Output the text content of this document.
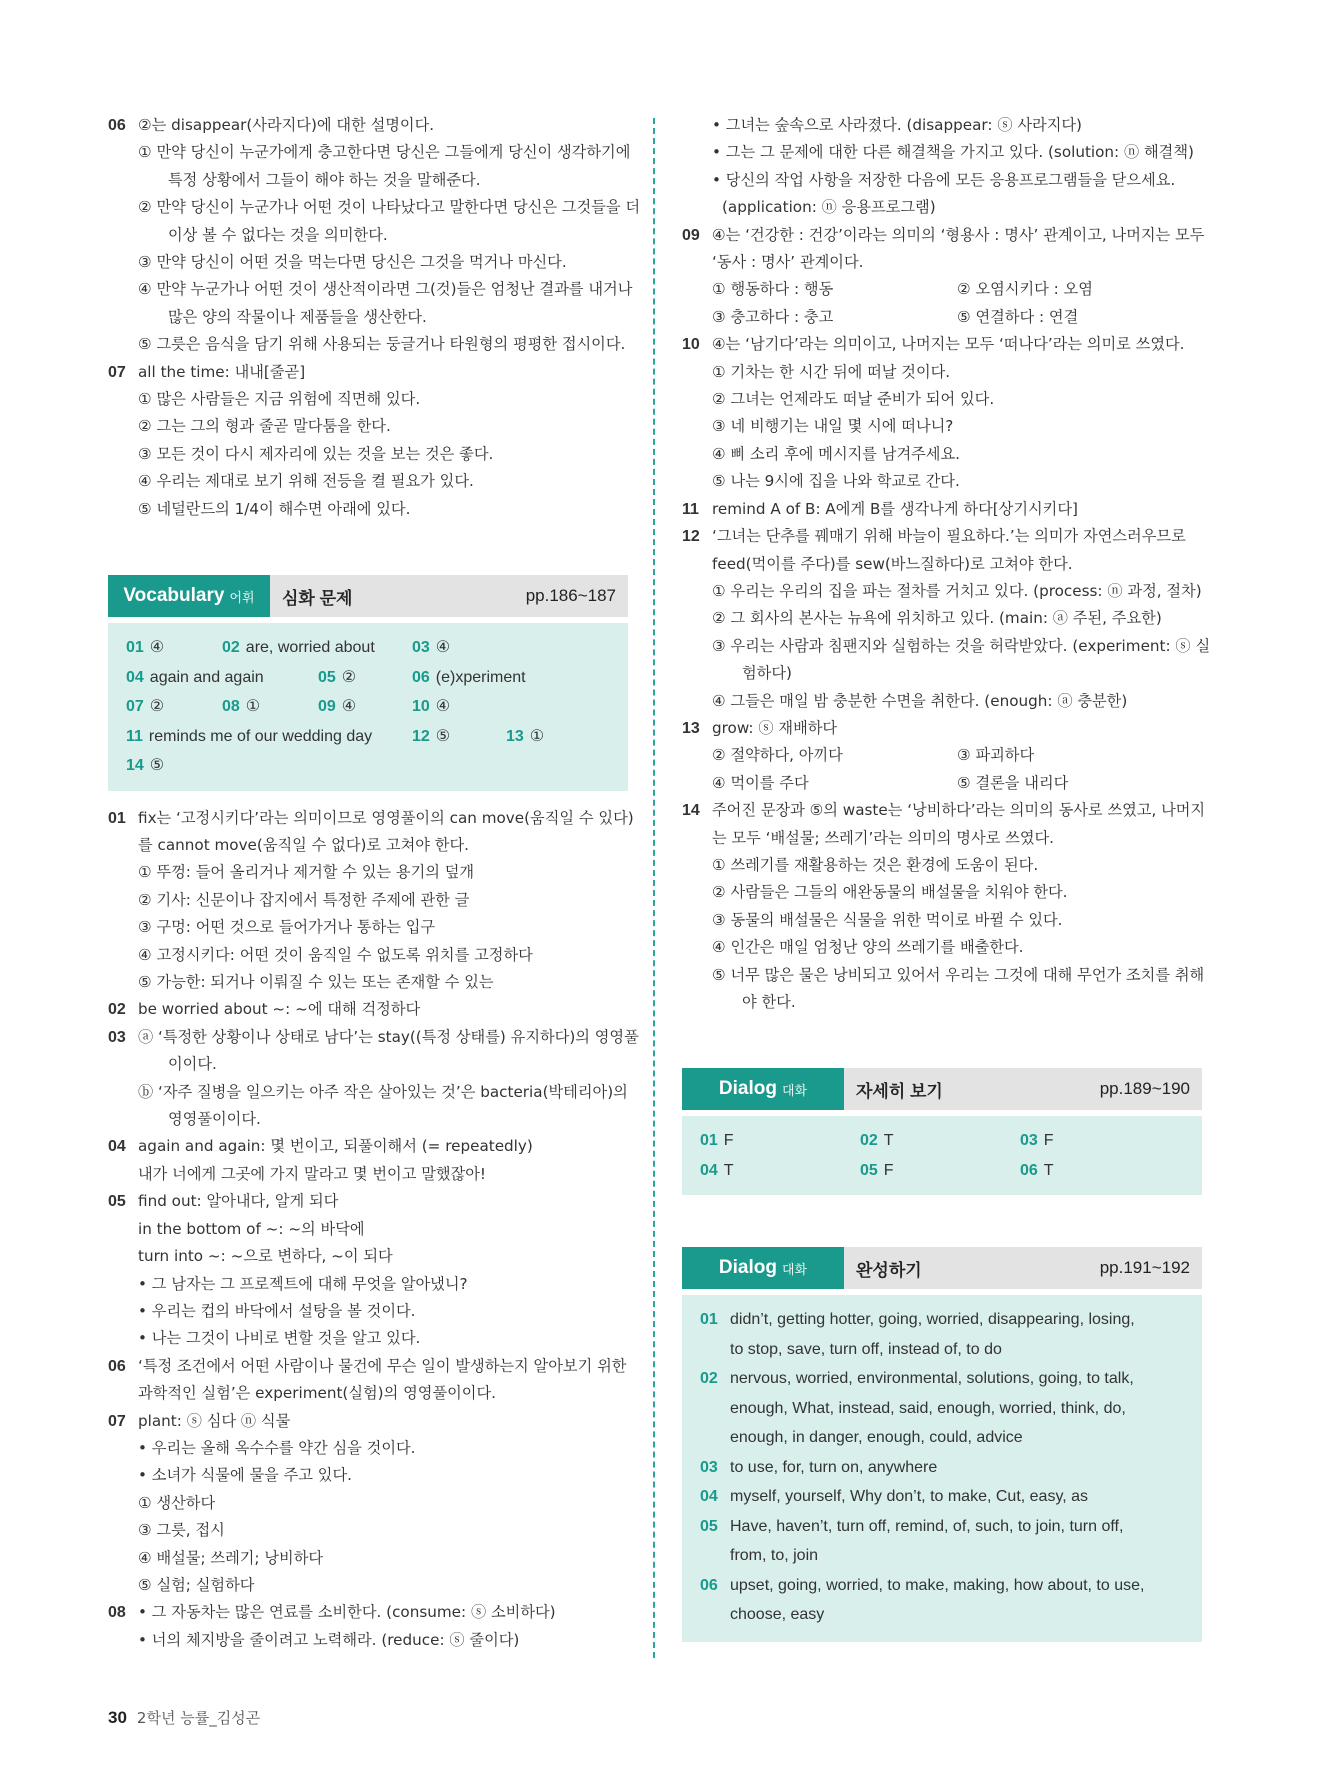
06 ②는 disappear(사라지다)에 대한 설명이다.
① 만약 당신이 누군가에게 충고한다면 당신은 그들에게 당신이 생각하기에
특정 상황에서 그들이 해야 하는 것을 말해준다.
② 만약 당신이 누군가나 어떤 것이 나타났다고 말한다면 당신은 그것들을 더
이상 볼 수 없다는 것을 의미한다.
③ 만약 당신이 어떤 것을 먹는다면 당신은 그것을 먹거나 마신다.
④ 만약 누군가나 어떤 것이 생산적이라면 그(것)들은 엄청난 결과를 내거나
많은 양의 작물이나 제품들을 생산한다.
⑤ 그릇은 음식을 담기 위해 사용되는 둥글거나 타원형의 평평한 접시이다.
07 all the time: 내내[줄곧]
① 많은 사람들은 지금 위험에 직면해 있다.
② 그는 그의 형과 줄곧 말다툼을 한다.
③ 모든 것이 다시 제자리에 있는 것을 보는 것은 좋다.
④ 우리는 제대로 보기 위해 전등을 켤 필요가 있다.
⑤ 네덜란드의 1/4이 해수면 아래에 있다.
Vocabulary 어휘 심화 문제	pp.186~187
01 ④	02 are, worried about	03 ④
04 again and again	05 ②	06 (e)xperiment
07 ②	08 ①	09 ④	10 ④
11 reminds me of our wedding day	12 ⑤	13 ①
14 ⑤
01 fix는 ‘고정시키다’라는 의미이므로 영영풀이의 can move(움직일 수 있다)
를 cannot move(움직일 수 없다)로 고쳐야 한다.
① 뚜껑: 들어 올리거나 제거할 수 있는 용기의 덮개
② 기사: 신문이나 잡지에서 특정한 주제에 관한 글
③ 구멍: 어떤 것으로 들어가거나 통하는 입구
④ 고정시키다: 어떤 것이 움직일 수 없도록 위치를 고정하다
⑤ 가능한: 되거나 이뤄질 수 있는 또는 존재할 수 있는
02 be worried about ~: ~에 대해 걱정하다
03 ⓐ ‘특정한 상황이나 상태로 남다’는 stay((특정 상태를) 유지하다)의 영영풀
이이다.
ⓑ ‘자주 질병을 일으키는 아주 작은 살아있는 것’은 bacteria(박테리아)의
영영풀이이다.
04 again and again: 몇 번이고, 되풀이해서 (= repeatedly)
내가 너에게 그곳에 가지 말라고 몇 번이고 말했잖아!
05 find out: 알아내다, 알게 되다
in the bottom of ~: ~의 바닥에
turn into ~: ~으로 변하다, ~이 되다
• 그 남자는 그 프로젝트에 대해 무엇을 알아냈니?
• 우리는 컵의 바닥에서 설탕을 볼 것이다.
• 나는 그것이 나비로 변할 것을 알고 있다.
06 ‘특정 조건에서 어떤 사람이나 물건에 무슨 일이 발생하는지 알아보기 위한
과학적인 실험’은 experiment(실험)의 영영풀이이다.
07 plant: ⓢ 심다 ⓝ 식물
• 우리는 올해 옥수수를 약간 심을 것이다.
• 소녀가 식물에 물을 주고 있다.
① 생산하다
③ 그릇, 접시
④ 배설물; 쓰레기; 낭비하다
⑤ 실험; 실험하다
08 • 그 자동차는 많은 연료를 소비한다. (consume: ⓢ 소비하다)
• 너의 체지방을 줄이려고 노력해라. (reduce: ⓢ 줄이다)
• 그녀는 숲속으로 사라졌다. (disappear: ⓢ 사라지다)
• 그는 그 문제에 대한 다른 해결책을 가지고 있다. (solution: ⓝ 해결책)
• 당신의 작업 사항을 저장한 다음에 모든 응용프로그램들을 닫으세요.
(application: ⓝ 응용프로그램)
09 ④는 ‘건강한 : 건강’이라는 의미의 ‘형용사 : 명사’ 관계이고, 나머지는 모두
‘동사 : 명사’ 관계이다.
① 행동하다 : 행동	② 오염시키다 : 오염
③ 충고하다 : 충고	⑤ 연결하다 : 연결
10 ④는 ‘남기다’라는 의미이고, 나머지는 모두 ‘떠나다’라는 의미로 쓰였다.
① 기차는 한 시간 뒤에 떠날 것이다.
② 그녀는 언제라도 떠날 준비가 되어 있다.
③ 네 비행기는 내일 몇 시에 떠나니?
④ 삐 소리 후에 메시지를 남겨주세요.
⑤ 나는 9시에 집을 나와 학교로 간다.
11 remind A of B: A에게 B를 생각나게 하다[상기시키다]
12 ‘그녀는 단추를 꿰매기 위해 바늘이 필요하다.’는 의미가 자연스러우므로
feed(먹이를 주다)를 sew(바느질하다)로 고쳐야 한다.
① 우리는 우리의 집을 파는 절차를 거치고 있다. (process: ⓝ 과정, 절차)
② 그 회사의 본사는 뉴욕에 위치하고 있다. (main: ⓐ 주된, 주요한)
③ 우리는 사람과 침팬지와 실험하는 것을 허락받았다. (experiment: ⓢ 실
험하다)
④ 그들은 매일 밤 충분한 수면을 취한다. (enough: ⓐ 충분한)
13 grow: ⓢ 재배하다
② 절약하다, 아끼다	③ 파괴하다
④ 먹이를 주다	⑤ 결론을 내리다
14 주어진 문장과 ⑤의 waste는 ‘낭비하다’라는 의미의 동사로 쓰였고, 나머지
는 모두 ‘배설물; 쓰레기’라는 의미의 명사로 쓰였다.
① 쓰레기를 재활용하는 것은 환경에 도움이 된다.
② 사람들은 그들의 애완동물의 배설물을 치워야 한다.
③ 동물의 배설물은 식물을 위한 먹이로 바뀔 수 있다.
④ 인간은 매일 엄청난 양의 쓰레기를 배출한다.
⑤ 너무 많은 물은 낭비되고 있어서 우리는 그것에 대해 무언가 조치를 취해
야 한다.
Dialog 대화	자세히 보기	pp.189~190
01 F	02 T	03 F
04 T	05 F	06 T
Dialog 대화	완성하기	pp.191~192
01 didn’t, getting hotter, going, worried, disappearing, losing,
to stop, save, turn off, instead of, to do
02 nervous, worried, environmental, solutions, going, to talk,
enough, What, instead, said, enough, worried, think, do,
enough, in danger, enough, could, advice
03 to use, for, turn on, anywhere
04 myself, yourself, Why don’t, to make, Cut, easy, as
05 Have, haven’t, turn off, remind, of, such, to join, turn off,
from, to, join
06 upset, going, worried, to make, making, how about, to use,
choose, easy
30 2학년 능률_김성곤
